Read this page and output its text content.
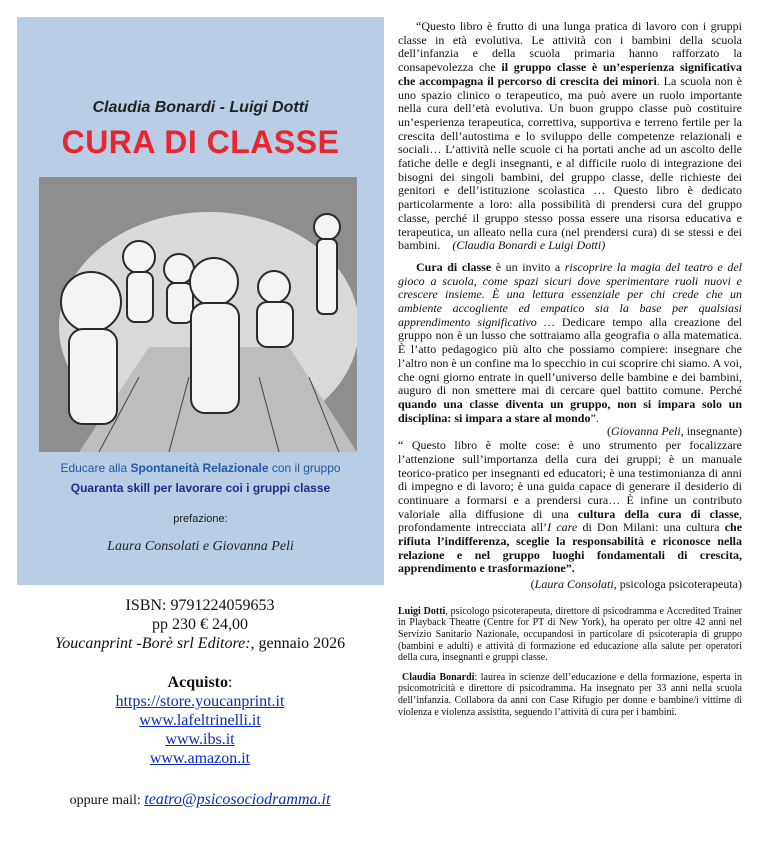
Claudia Bonardi - Luigi Dotti
CURA DI CLASSE
Educare alla Spontaneità Relazionale con il gruppo
Quaranta skill per lavorare coi i gruppi classe
prefazione:
Laura Consolati e Giovanna Peli
ISBN: 9791224059653
pp 230 € 24,00
Youcanprint -Borè srl Editore:, gennaio 2026
Acquisto:
https://store.youcanprint.it
www.lafeltrinelli.it
www.ibs.it
www.amazon.it
oppure mail: teatro@psicosociodramma.it

“Questo libro è frutto di una lunga pratica di lavoro con i gruppi classe in età evolutiva. Le attività con i bambini della scuola dell’infanzia e della scuola primaria hanno rafforzato la consapevolezza che il gruppo classe è un’esperienza significativa che accompagna il percorso di crescita dei minori. La scuola non è uno spazio clinico o terapeutico, ma può avere un ruolo importante nella cura dell’età evolutiva. Un buon gruppo classe può costituire un’esperienza terapeutica, correttiva, supportiva e terreno fertile per la crescita dell’autostima e lo sviluppo delle competenze relazionali e sociali… L’attività nelle scuole ci ha portati anche ad un ascolto delle fatiche delle e degli insegnanti, e al difficile ruolo di integrazione dei bisogni dei singoli bambini, del gruppo classe, delle richieste dei genitori e dell’istituzione scolastica … Questo libro è dedicato particolarmente a loro: alla possibilità di prendersi cura del gruppo classe, perché il gruppo stesso possa essere una risorsa educativa e terapeutica, un alleato nella cura (nel prendersi cura) di se stessi e dei bambini. (Claudia Bonardi e Luigi Dotti)

Cura di classe è un invito a riscoprire la magia del teatro e del gioco a scuola, come spazi sicuri dove sperimentare ruoli nuovi e crescere insieme. È una lettura essenziale per chi crede che un ambiente accogliente ed empatico sia la base per qualsiasi apprendimento significativo … Dedicare tempo alla creazione del gruppo non è un lusso che sottraiamo alla geografia o alla matematica. È l’atto pedagogico più alto che possiamo compiere: insegnare che l’altro non è un confine ma lo specchio in cui scoprire chi siamo. A voi, che ogni giorno entrate in quell’universo delle bambine e dei bambini, auguro di non smettere mai di cercare quel battito comune. Perché quando una classe diventa un gruppo, non si impara solo un disciplina: si impara a stare al mondo”.
(Giovanna Peli, insegnante)

“ Questo libro è molte cose: è uno strumento per focalizzare l’attenzione sull’importanza della cura dei gruppi; è un manuale teorico-pratico per insegnanti ed educatori; è una testimonianza di anni di impegno e di lavoro; è una guida capace di generare il desiderio di continuare a formarsi e a prendersi cura… È infine un contributo valoriale alla diffusione di una cultura della cura di classe, profondamente intrecciata all’I care di Don Milani: una cultura che rifiuta l’indifferenza, sceglie la responsabilità e riconosce nella relazione e nel gruppo luoghi fondamentali di crescita, apprendimento e trasformazione”.

(Laura Consolati, psicologa psicoterapeuta)

Luigi Dotti, psicologo psicoterapeuta, direttore di psicodramma e Accredited Trainer in Playback Theatre (Centre for PT di New York), ha operato per oltre 42 anni nel Servizio Sanitario Nazionale, occupandosi in particolare di psicoterapia di gruppo (bambini e adulti) e attività di formazione ed educazione alla salute per operatori della cura, insegnanti e gruppi classe.

Claudia Bonardi: laurea in scienze dell’educazione e della formazione, esperta in psicomotricità e direttore di psicodramma. Ha insegnato per 33 anni nella scuola dell’infanzia. Collabora da anni con Case Rifugio per donne e bambine/i vittime di violenza e violenza assistita, seguendo l’attività di cura per i bambini.
